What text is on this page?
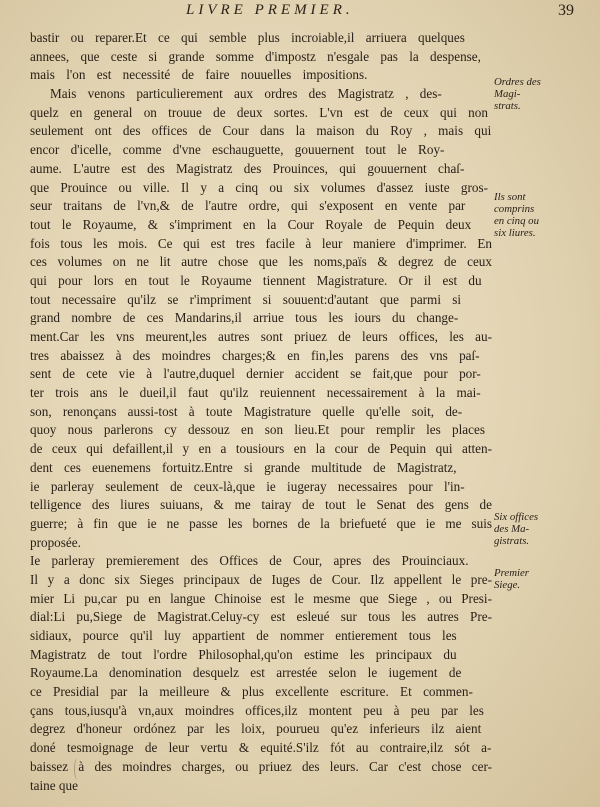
LIVRE PREMIER.	39
bastir ou reparer.Et ce qui semble plus incroiable,il arriuera quelques
annees, que ceste si grande somme d'impostz n'esgale pas la despense,
mais l'on est necessité de faire nouuelles impositions.
Mais venons particulierement aux ordres des Magistratz , des-
quelz en general on trouue de deux sortes. L'vn est de ceux qui non
seulement ont des offices de Cour dans la maison du Roy , mais qui
encor d'icelle, comme d'vne eschauguette, gouuernent tout le Roy-
aume. L'autre est des Magistratz des Prouinces, qui gouuernent chaſ-
que Prouince ou ville. Il y a cinq ou six volumes d'assez iuste gros-
seur traitans de l'vn,& de l'autre ordre, qui s'exposent en vente par
tout le Royaume, & s'impriment en la Cour Royale de Pequin deux
fois tous les mois. Ce qui est tres facile à leur maniere d'imprimer. En
ces volumes on ne lit autre chose que les noms,païs & degrez de ceux
qui pour lors en tout le Royaume tiennent Magistrature. Or il est du
tout necessaire qu'ilz se r'impriment si souuent:d'autant que parmi si
grand nombre de ces Mandarins,il arriue tous les iours du change-
ment.Car les vns meurent,les autres sont priuez de leurs offices, les au-
tres abaissez à des moindres charges;& en fin,les parens des vns paſ-
sent de cete vie à l'autre,duquel dernier accident se fait,que pour por-
ter trois ans le dueil,il faut qu'ilz reuiennent necessairement à la mai-
son, renonçans aussi-tost à toute Magistrature quelle qu'elle soit, de-
quoy nous parlerons cy dessouz en son lieu.Et pour remplir les places
de ceux qui defaillent,il y en a tousiours en la cour de Pequin qui atten-
dent ces euenemens fortuitz.Entre si grande multitude de Magistratz,
ie parleray seulement de ceux-là,que ie iugeray necessaires pour l'in-
telligence des liures suiuans, & me tairay de tout le Senat des gens de
guerre; à fin que ie ne passe les bornes de la briefueté que ie me suis
proposée.
Ie parleray premierement des Offices de Cour, apres des Prouinciaux.
Il y a donc six Sieges principaux de Iuges de Cour. Ilz appellent le pre-
mier Li pu,car pu en langue Chinoise est le mesme que Siege , ou Presi-
dial:Li pu,Siege de Magistrat.Celuy-cy est esleué sur tous les autres Pre-
sidiaux, pource qu'il luy appartient de nommer entierement tous les
Magistratz de tout l'ordre Philosophal,qu'on estime les principaux du
Royaume.La denomination desquelz est arrestée selon le iugement de
ce Presidial par la meilleure & plus excellente escriture. Et commen-
çans tous,iusqu'à vn,aux moindres offices,ilz montent peu à peu par les
degrez d'honeur ordónez par les loix, pourueu qu'ez inferieurs ilz aient
doné tesmoignage de leur vertu & equité.S'ilz fót au contraire,ilz sót a-
baissez à des moindres charges, ou priuez des leurs. Car c'est chose cer-
taine que
Ordres des
Magi-
strats.
Ils sont
comprins
en cinq ou
six liures.
Six offices
des Ma-
gistrats.
Premier
Siege.
